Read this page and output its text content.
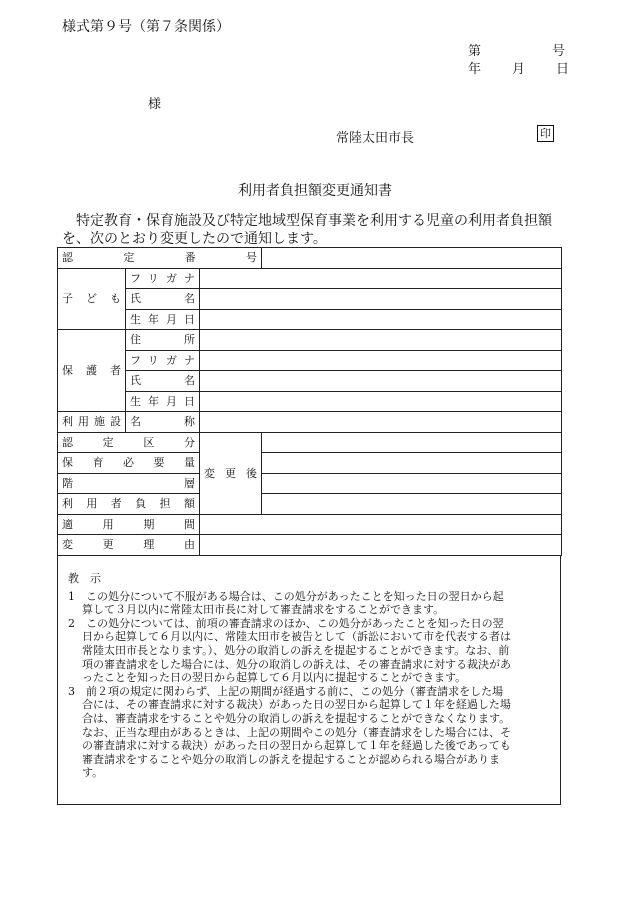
様式第９号（第７条関係）
第	号
年 月 日
様
常陸太田市長	印
利用者負担額変更通知書
　特定教育・保育施設及び特定地域型保育事業を利用する児童の利用者負担額
を、次のとおり変更したので通知します。
認定番号			
子ども	フリガナ		
	氏名		
	生年月日		
保護者	住所		
	フリガナ		
	氏名		
	生年月日		
利用施設	名称		
認定区分		変更後	
保育必要量			
階層			
利用者負担額			
適用期間			
変更理由			
教　示
1　この処分について不服がある場合は、この処分があったことを知った日の翌日から起
算して３月以内に常陸太田市長に対して審査請求をすることができます。
2　この処分については、前項の審査請求のほか、この処分があったことを知った日の翌
日から起算して６月以内に、常陸太田市を被告として（訴訟において市を代表する者は
常陸太田市長となります。）、処分の取消しの訴えを提起することができます。なお、前
項の審査請求をした場合には、処分の取消しの訴えは、その審査請求に対する裁決があ
ったことを知った日の翌日から起算して６月以内に提起することができます。
3　前２項の規定に関わらず、上記の期間が経過する前に、この処分（審査請求をした場
合には、その審査請求に対する裁決）があった日の翌日から起算して１年を経過した場
合は、審査請求をすることや処分の取消しの訴えを提起することができなくなります。
なお、正当な理由があるときは、上記の期間やこの処分（審査請求をした場合には、そ
の審査請求に対する裁決）があった日の翌日から起算して１年を経過した後であっても
審査請求をすることや処分の取消しの訴えを提起することが認められる場合がありま
す。
